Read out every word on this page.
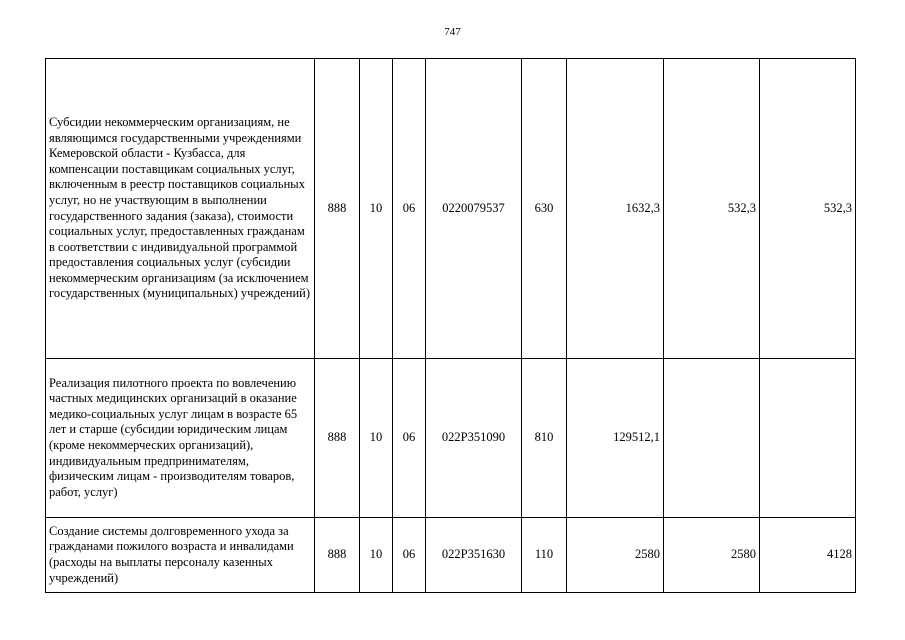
747
Субсидии некоммерческим организациям, не являющимся государственными учреждениями Кемеровской области - Кузбасса, для компенсации поставщикам социальных услуг, включенным в реестр поставщиков социальных услуг, но не участвующим в выполнении государственного задания (заказа), стоимости социальных услуг, предоставленных гражданам в соответствии с индивидуальной программой предоставления социальных услуг (субсидии некоммерческим организациям (за исключением государственных (муниципальных) учреждений)	888	10	06	0220079537	630	1632,3	532,3	532,3
Реализация пилотного проекта по вовлечению частных медицинских организаций в оказание медико-социальных услуг лицам в возрасте 65 лет и старше (субсидии юридическим лицам (кроме некоммерческих организаций), индивидуальным предпринимателям, физическим лицам - производителям товаров, работ, услуг)	888	10	06	022P351090	810	129512,1		
Создание системы долговременного ухода за гражданами пожилого возраста и инвалидами (расходы на выплаты персоналу казенных учреждений)	888	10	06	022P351630	110	2580	2580	4128
